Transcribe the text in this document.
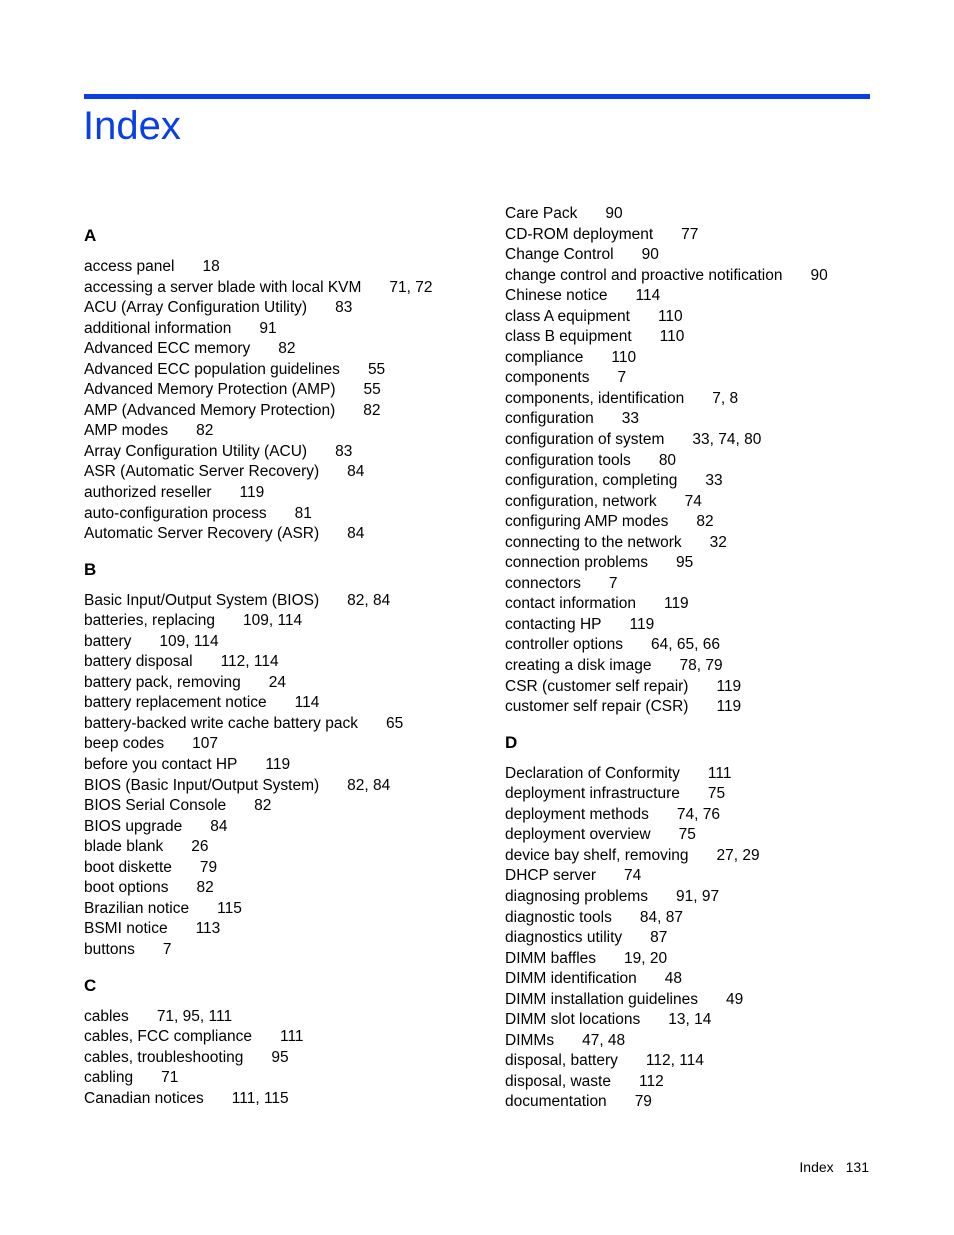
Index
A
access panel 18
accessing a server blade with local KVM 71, 72
ACU (Array Configuration Utility) 83
additional information 91
Advanced ECC memory 82
Advanced ECC population guidelines 55
Advanced Memory Protection (AMP) 55
AMP (Advanced Memory Protection) 82
AMP modes 82
Array Configuration Utility (ACU) 83
ASR (Automatic Server Recovery) 84
authorized reseller 119
auto-configuration process 81
Automatic Server Recovery (ASR) 84
B
Basic Input/Output System (BIOS) 82, 84
batteries, replacing 109, 114
battery 109, 114
battery disposal 112, 114
battery pack, removing 24
battery replacement notice 114
battery-backed write cache battery pack 65
beep codes 107
before you contact HP 119
BIOS (Basic Input/Output System) 82, 84
BIOS Serial Console 82
BIOS upgrade 84
blade blank 26
boot diskette 79
boot options 82
Brazilian notice 115
BSMI notice 113
buttons 7
C
cables 71, 95, 111
cables, FCC compliance 111
cables, troubleshooting 95
cabling 71
Canadian notices 111, 115
Care Pack 90
CD-ROM deployment 77
Change Control 90
change control and proactive notification 90
Chinese notice 114
class A equipment 110
class B equipment 110
compliance 110
components 7
components, identification 7, 8
configuration 33
configuration of system 33, 74, 80
configuration tools 80
configuration, completing 33
configuration, network 74
configuring AMP modes 82
connecting to the network 32
connection problems 95
connectors 7
contact information 119
contacting HP 119
controller options 64, 65, 66
creating a disk image 78, 79
CSR (customer self repair) 119
customer self repair (CSR) 119
D
Declaration of Conformity 111
deployment infrastructure 75
deployment methods 74, 76
deployment overview 75
device bay shelf, removing 27, 29
DHCP server 74
diagnosing problems 91, 97
diagnostic tools 84, 87
diagnostics utility 87
DIMM baffles 19, 20
DIMM identification 48
DIMM installation guidelines 49
DIMM slot locations 13, 14
DIMMs 47, 48
disposal, battery 112, 114
disposal, waste 112
documentation 79
Index 131
